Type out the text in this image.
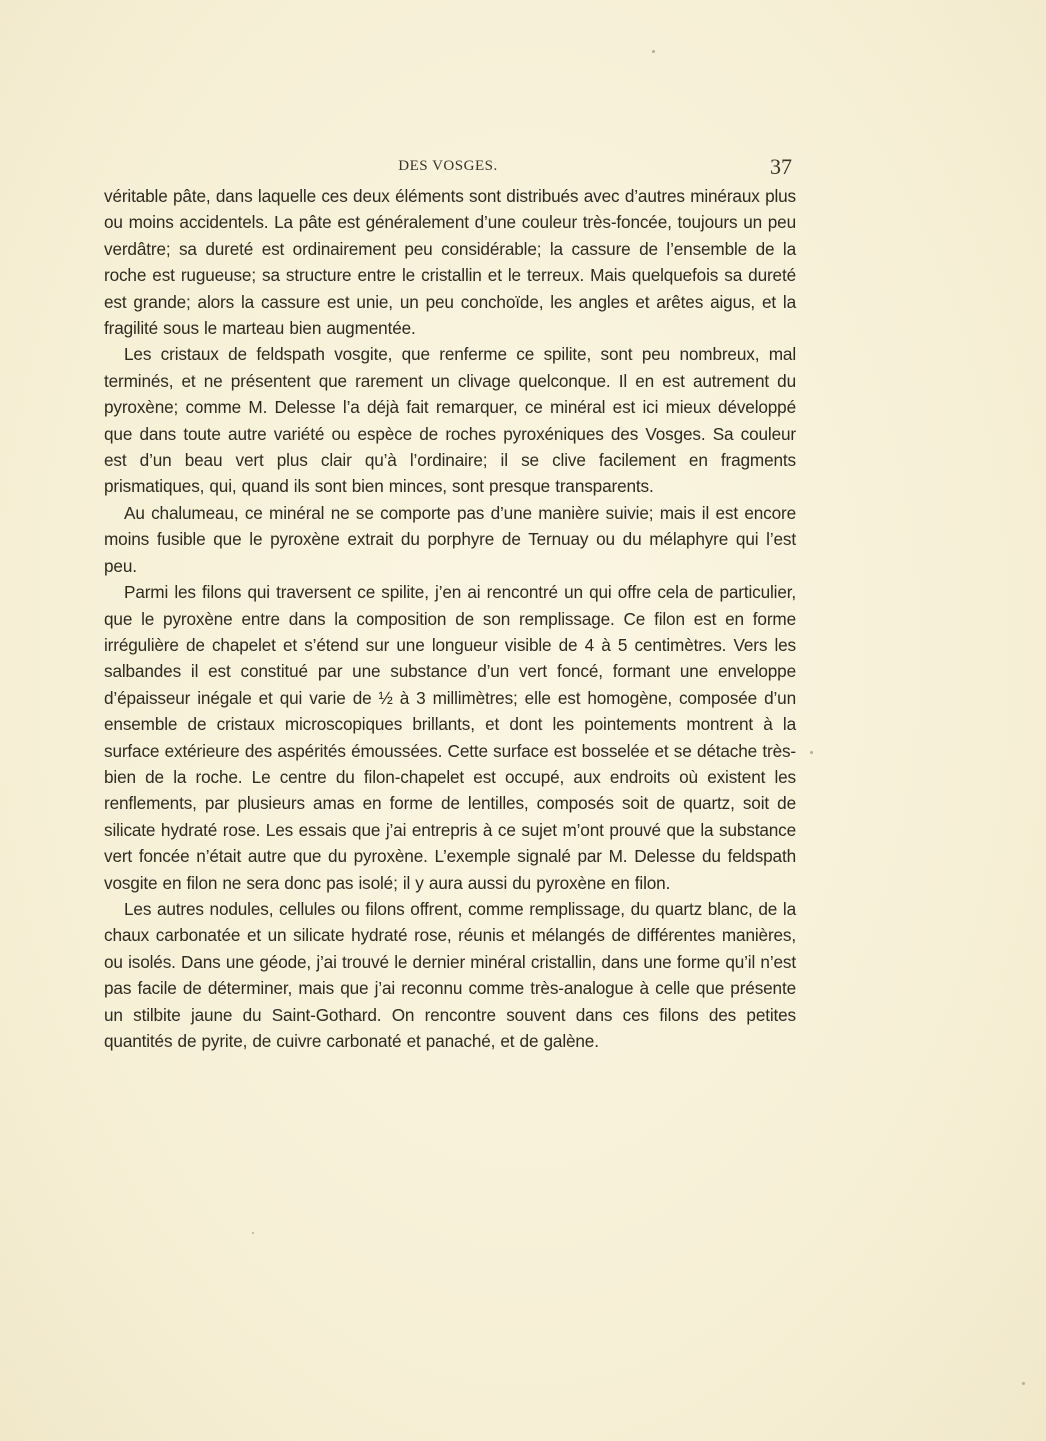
DES VOSGES.	37

véritable pâte, dans laquelle ces deux éléments sont distribués avec d’autres minéraux plus ou moins accidentels. La pâte est généralement d’une couleur très-foncée, toujours un peu verdâtre; sa dureté est ordinairement peu considérable; la cassure de l’ensemble de la roche est rugueuse; sa structure entre le cristallin et le terreux. Mais quelquefois sa dureté est grande; alors la cassure est unie, un peu conchoïde, les angles et arêtes aigus, et la fragilité sous le marteau bien augmentée.

Les cristaux de feldspath vosgite, que renferme ce spilite, sont peu nombreux, mal terminés, et ne présentent que rarement un clivage quelconque. Il en est autrement du pyroxène; comme M. Delesse l’a déjà fait remarquer, ce minéral est ici mieux développé que dans toute autre variété ou espèce de roches pyroxéniques des Vosges. Sa couleur est d’un beau vert plus clair qu’à l’ordinaire; il se clive facilement en fragments prismatiques, qui, quand ils sont bien minces, sont presque transparents.

Au chalumeau, ce minéral ne se comporte pas d’une manière suivie; mais il est encore moins fusible que le pyroxène extrait du porphyre de Ternuay ou du mélaphyre qui l’est peu.

Parmi les filons qui traversent ce spilite, j’en ai rencontré un qui offre cela de particulier, que le pyroxène entre dans la composition de son remplissage. Ce filon est en forme irrégulière de chapelet et s’étend sur une longueur visible de 4 à 5 centimètres. Vers les salbandes il est constitué par une substance d’un vert foncé, formant une enveloppe d’épaisseur inégale et qui varie de ½ à 3 millimètres; elle est homogène, composée d’un ensemble de cristaux microscopiques brillants, et dont les pointements montrent à la surface extérieure des aspérités émoussées. Cette surface est bosselée et se détache très-bien de la roche. Le centre du filon-chapelet est occupé, aux endroits où existent les renflements, par plusieurs amas en forme de lentilles, composés soit de quartz, soit de silicate hydraté rose. Les essais que j’ai entrepris à ce sujet m’ont prouvé que la substance vert foncée n’était autre que du pyroxène. L’exemple signalé par M. Delesse du feldspath vosgite en filon ne sera donc pas isolé; il y aura aussi du pyroxène en filon.

Les autres nodules, cellules ou filons offrent, comme remplissage, du quartz blanc, de la chaux carbonatée et un silicate hydraté rose, réunis et mélangés de différentes manières, ou isolés. Dans une géode, j’ai trouvé le dernier minéral cristallin, dans une forme qu’il n’est pas facile de déterminer, mais que j’ai reconnu comme très-analogue à celle que présente un stilbite jaune du Saint-Gothard. On rencontre souvent dans ces filons des petites quantités de pyrite, de cuivre carbonaté et panaché, et de galène.
